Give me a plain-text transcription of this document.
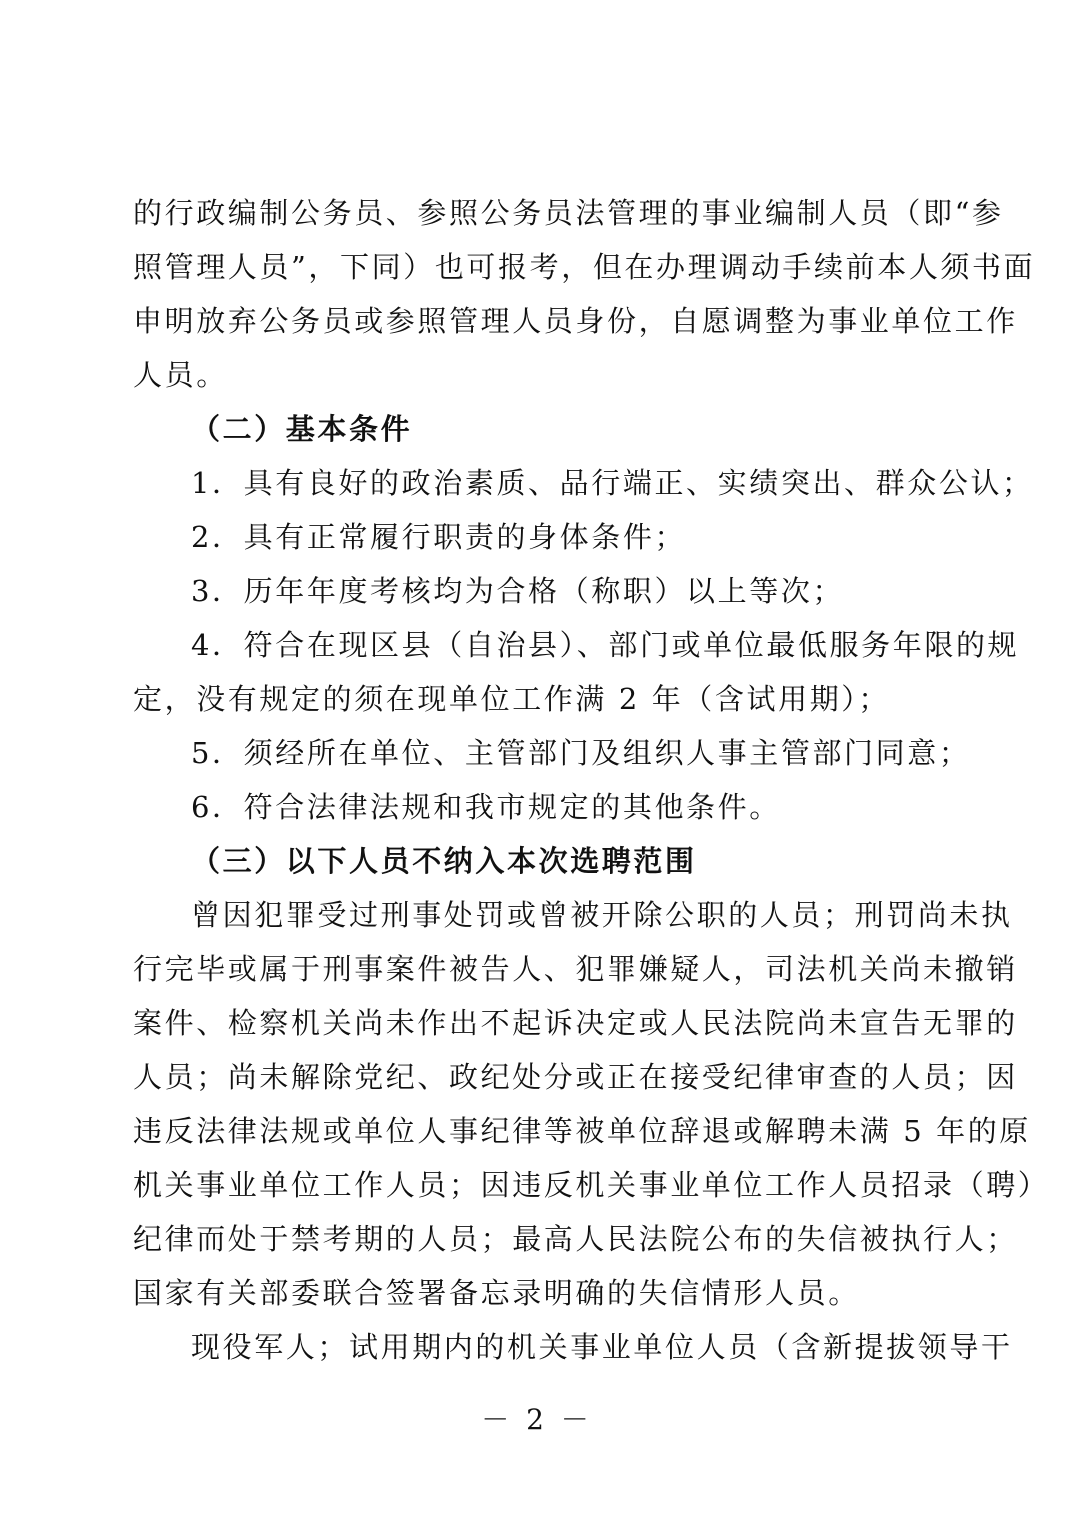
的行政编制公务员、参照公务员法管理的事业编制人员（即“参
照管理人员”，下同）也可报考，但在办理调动手续前本人须书面
申明放弃公务员或参照管理人员身份，自愿调整为事业单位工作
人员。
（二）基本条件
1．具有良好的政治素质、品行端正、实绩突出、群众公认；
2．具有正常履行职责的身体条件；
3．历年年度考核均为合格（称职）以上等次；
4．符合在现区县（自治县）、部门或单位最低服务年限的规
定，没有规定的须在现单位工作满 2 年（含试用期）；
5．须经所在单位、主管部门及组织人事主管部门同意；
6．符合法律法规和我市规定的其他条件。
（三）以下人员不纳入本次选聘范围
曾因犯罪受过刑事处罚或曾被开除公职的人员；刑罚尚未执
行完毕或属于刑事案件被告人、犯罪嫌疑人，司法机关尚未撤销
案件、检察机关尚未作出不起诉决定或人民法院尚未宣告无罪的
人员；尚未解除党纪、政纪处分或正在接受纪律审查的人员；因
违反法律法规或单位人事纪律等被单位辞退或解聘未满 5 年的原
机关事业单位工作人员；因违反机关事业单位工作人员招录（聘）
纪律而处于禁考期的人员；最高人民法院公布的失信被执行人；
国家有关部委联合签署备忘录明确的失信情形人员。
现役军人；试用期内的机关事业单位人员（含新提拔领导干
－ 2 －
